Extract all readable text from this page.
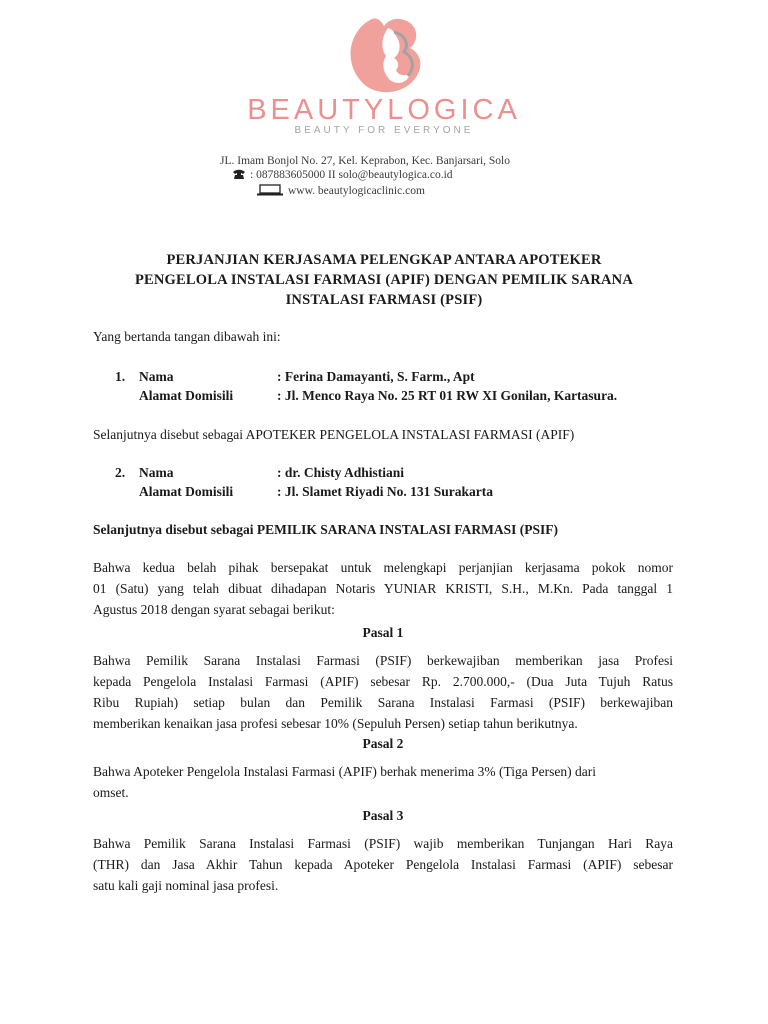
BEAUTYLOGICA
BEAUTY FOR EVERYONE
JL. Imam Bonjol No. 27, Kel. Keprabon, Kec. Banjarsari, Solo
: 087883605000 II solo@beautylogica.co.id
www. beautylogicaclinic.com
PERJANJIAN KERJASAMA PELENGKAP ANTARA APOTEKER
PENGELOLA INSTALASI FARMASI (APIF) DENGAN PEMILIK SARANA
INSTALASI FARMASI (PSIF)
Yang bertanda tangan dibawah ini:
1. Nama	: Ferina Damayanti, S. Farm., Apt
Alamat Domisili	: Jl. Menco Raya No. 25 RT 01 RW XI Gonilan, Kartasura.
Selanjutnya disebut sebagai APOTEKER PENGELOLA INSTALASI FARMASI (APIF)
2. Nama	: dr. Chisty Adhistiani
Alamat Domisili	: Jl. Slamet Riyadi No. 131 Surakarta
Selanjutnya disebut sebagai PEMILIK SARANA INSTALASI FARMASI (PSIF)
Bahwa kedua belah pihak bersepakat untuk melengkapi perjanjian kerjasama pokok nomor
01 (Satu) yang telah dibuat dihadapan Notaris YUNIAR KRISTI, S.H., M.Kn. Pada tanggal 1
Agustus 2018 dengan syarat sebagai berikut:
Pasal 1
Bahwa Pemilik Sarana Instalasi Farmasi (PSIF) berkewajiban memberikan jasa Profesi
kepada Pengelola Instalasi Farmasi (APIF) sebesar Rp. 2.700.000,- (Dua Juta Tujuh Ratus
Ribu Rupiah) setiap bulan dan Pemilik Sarana Instalasi Farmasi (PSIF) berkewajiban
memberikan kenaikan jasa profesi sebesar 10% (Sepuluh Persen) setiap tahun berikutnya.
Pasal 2
Bahwa Apoteker Pengelola Instalasi Farmasi (APIF) berhak menerima 3% (Tiga Persen) dari
omset.
Pasal 3
Bahwa Pemilik Sarana Instalasi Farmasi (PSIF) wajib memberikan Tunjangan Hari Raya
(THR) dan Jasa Akhir Tahun kepada Apoteker Pengelola Instalasi Farmasi (APIF) sebesar
satu kali gaji nominal jasa profesi.
